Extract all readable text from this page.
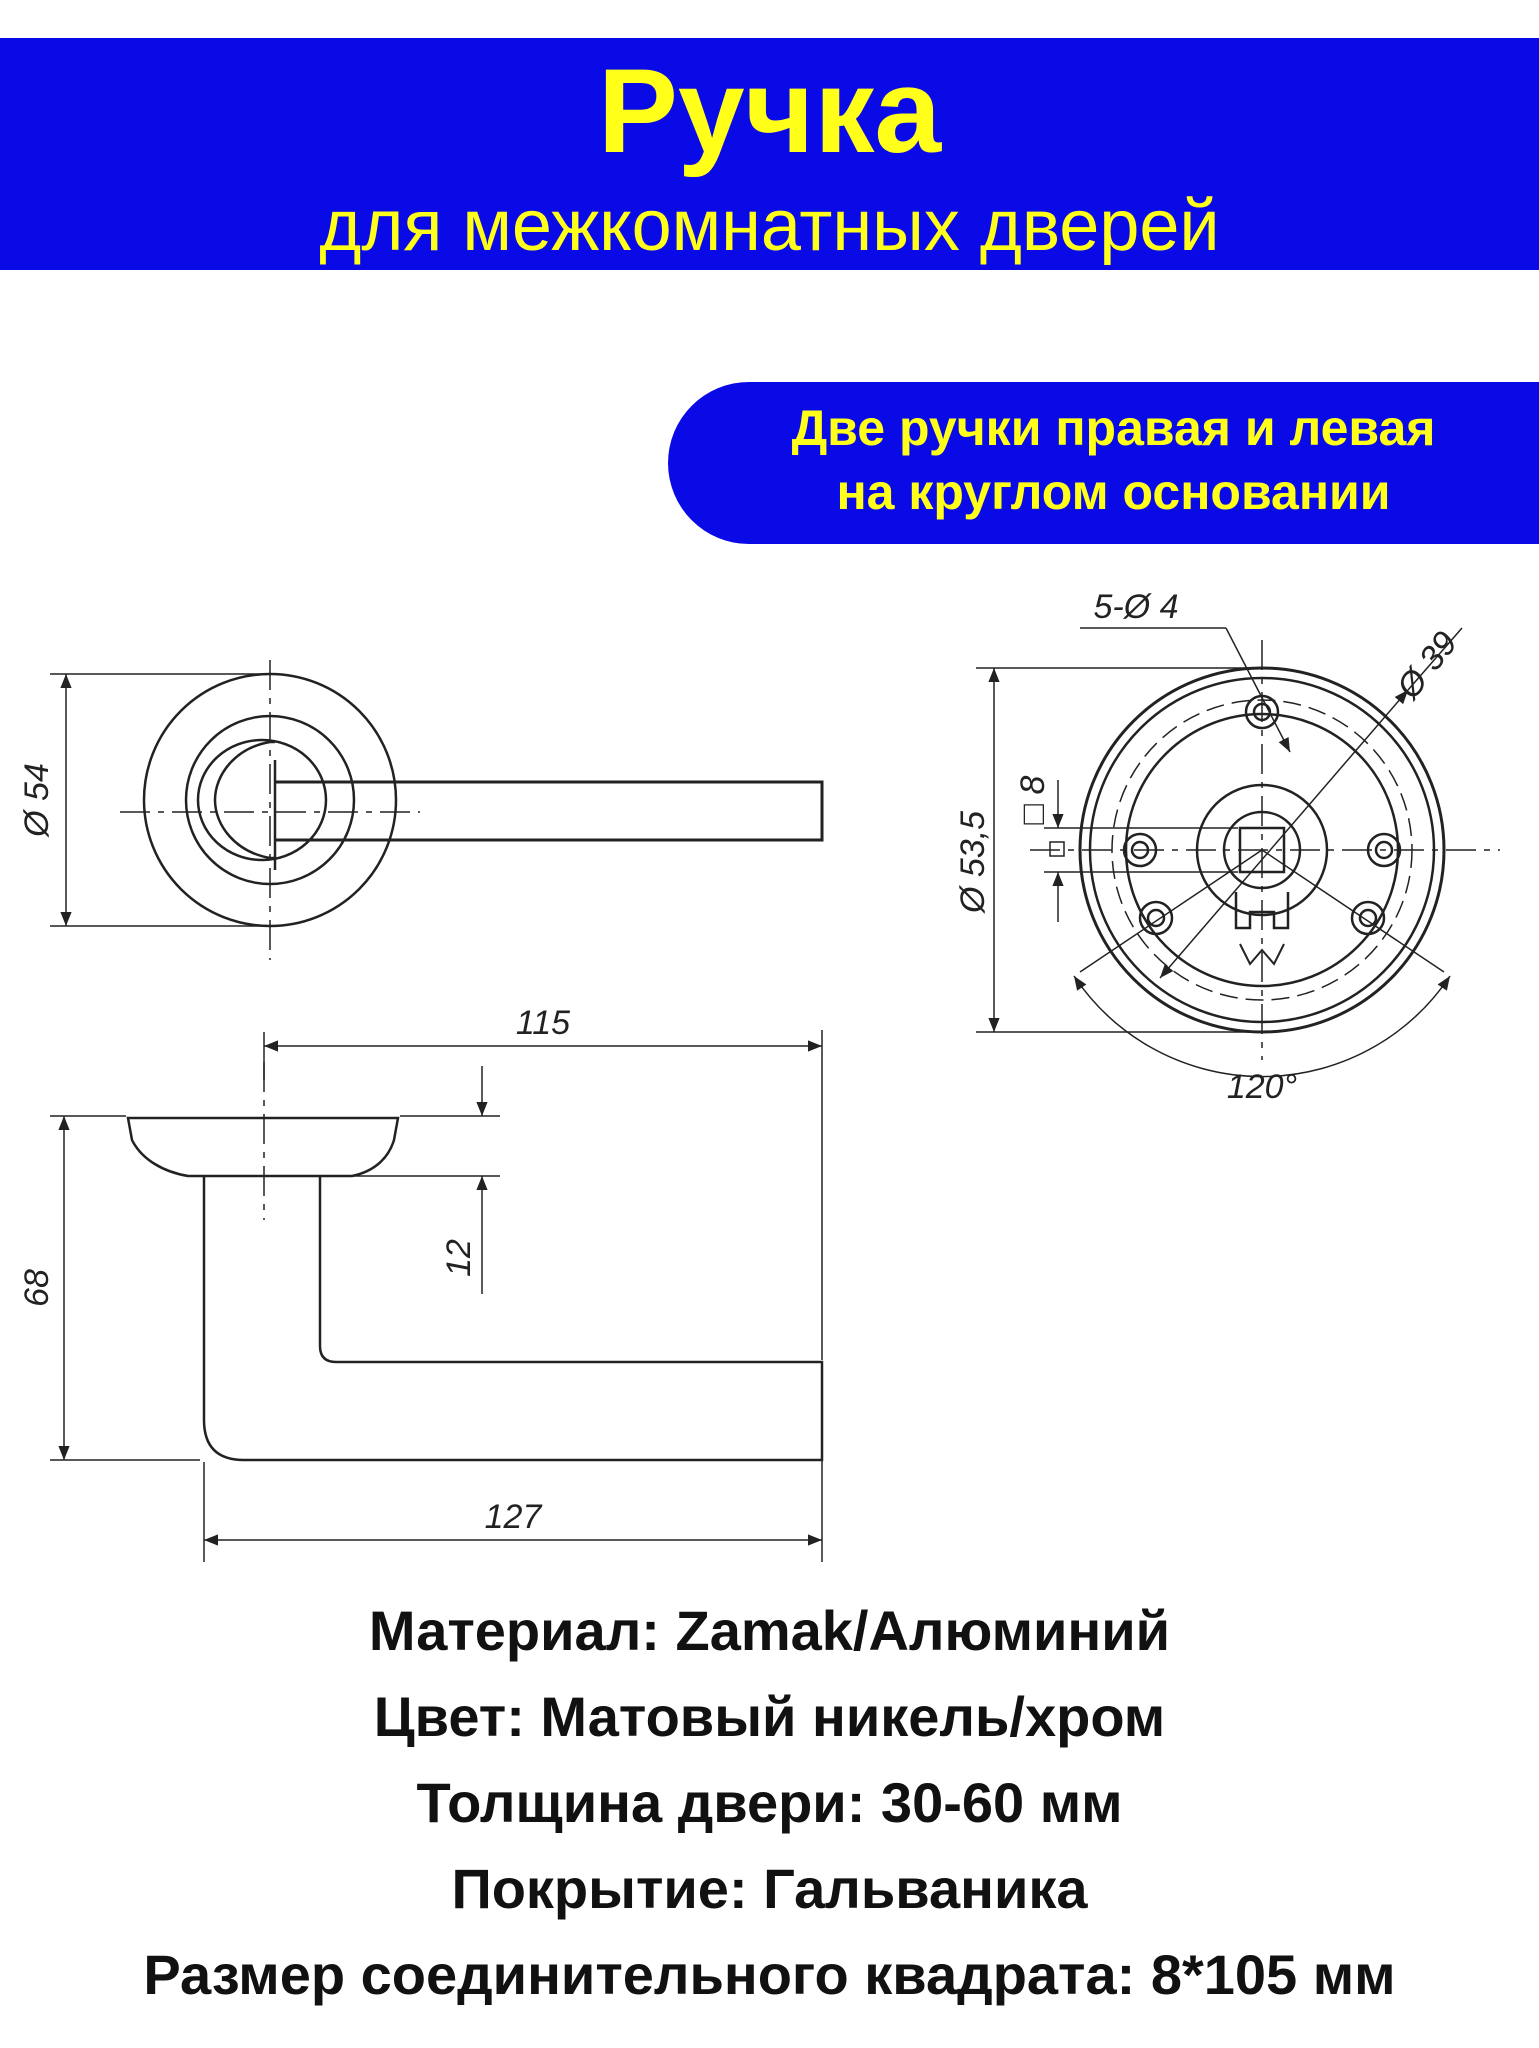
Ручка
для межкомнатных дверей
Две ручки правая и левая
на круглом основании
Ø 54
115
127
68
12
Ø 53,5
□ 8
Ø 39
5-Ø 4
120°
Материал: Zamak/Алюминий
Цвет: Матовый никель/хром
Толщина двери: 30-60 мм
Покрытие: Гальваника
Размер соединительного квадрата: 8*105 мм
